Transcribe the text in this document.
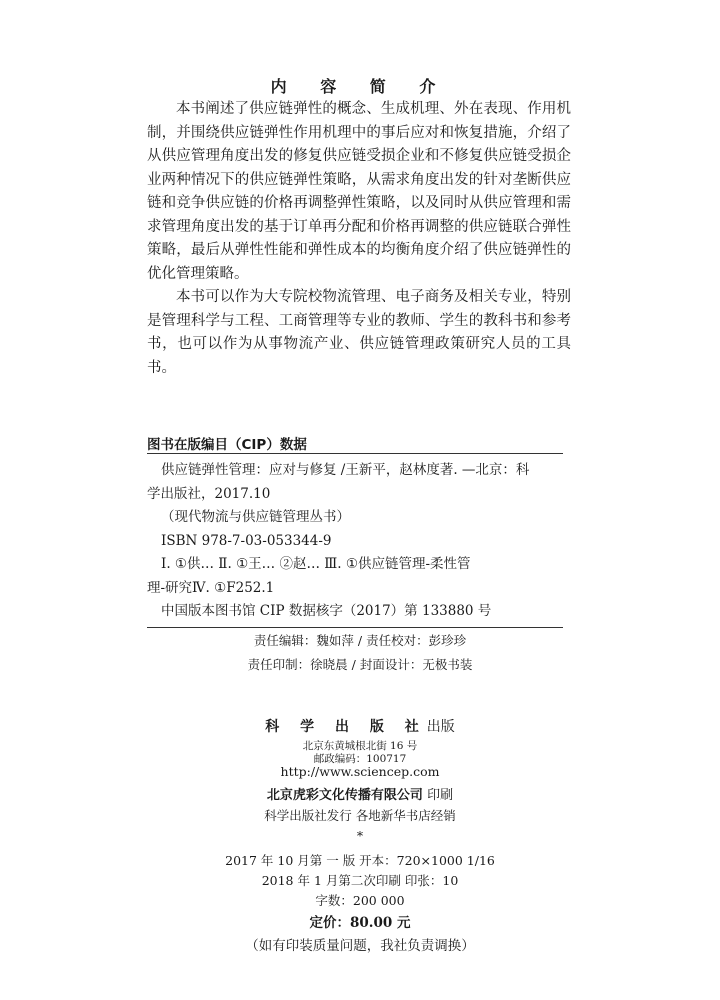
内 容 简 介

本书阐述了供应链弹性的概念、生成机理、外在表现、作用机制，并围绕供应链弹性作用机理中的事后应对和恢复措施，介绍了从供应管理角度出发的修复供应链受损企业和不修复供应链受损企业两种情况下的供应链弹性策略，从需求角度出发的针对垄断供应链和竞争供应链的价格再调整弹性策略，以及同时从供应管理和需求管理角度出发的基于订单再分配和价格再调整的供应链联合弹性策略，最后从弹性性能和弹性成本的均衡角度介绍了供应链弹性的优化管理策略。

本书可以作为大专院校物流管理、电子商务及相关专业，特别是管理科学与工程、工商管理等专业的教师、学生的教科书和参考书，也可以作为从事物流产业、供应链管理政策研究人员的工具书。

图书在版编目（CIP）数据
供应链弹性管理：应对与修复 /王新平，赵林度著. —北京：科
学出版社，2017.10
（现代物流与供应链管理丛书）
ISBN 978-7-03-053344-9
Ⅰ. ①供… Ⅱ. ①王… ②赵… Ⅲ. ①供应链管理-柔性管
理-研究Ⅳ. ①F252.1
中国版本图书馆 CIP 数据核字（2017）第 133880 号
责任编辑：魏如萍 / 责任校对：彭珍珍
责任印制：徐晓晨 / 封面设计：无极书装
科 学 出 版 社出版
北京东黄城根北街 16 号
邮政编码：100717
http://www.sciencep.com
北京虎彩文化传播有限公司 印刷
科学出版社发行 各地新华书店经销
*
2017 年 10 月第 一 版 开本：720×1000 1/16
2018 年 1 月第二次印刷 印张：10
字数：200 000
定价：80.00 元
（如有印装质量问题，我社负责调换）
